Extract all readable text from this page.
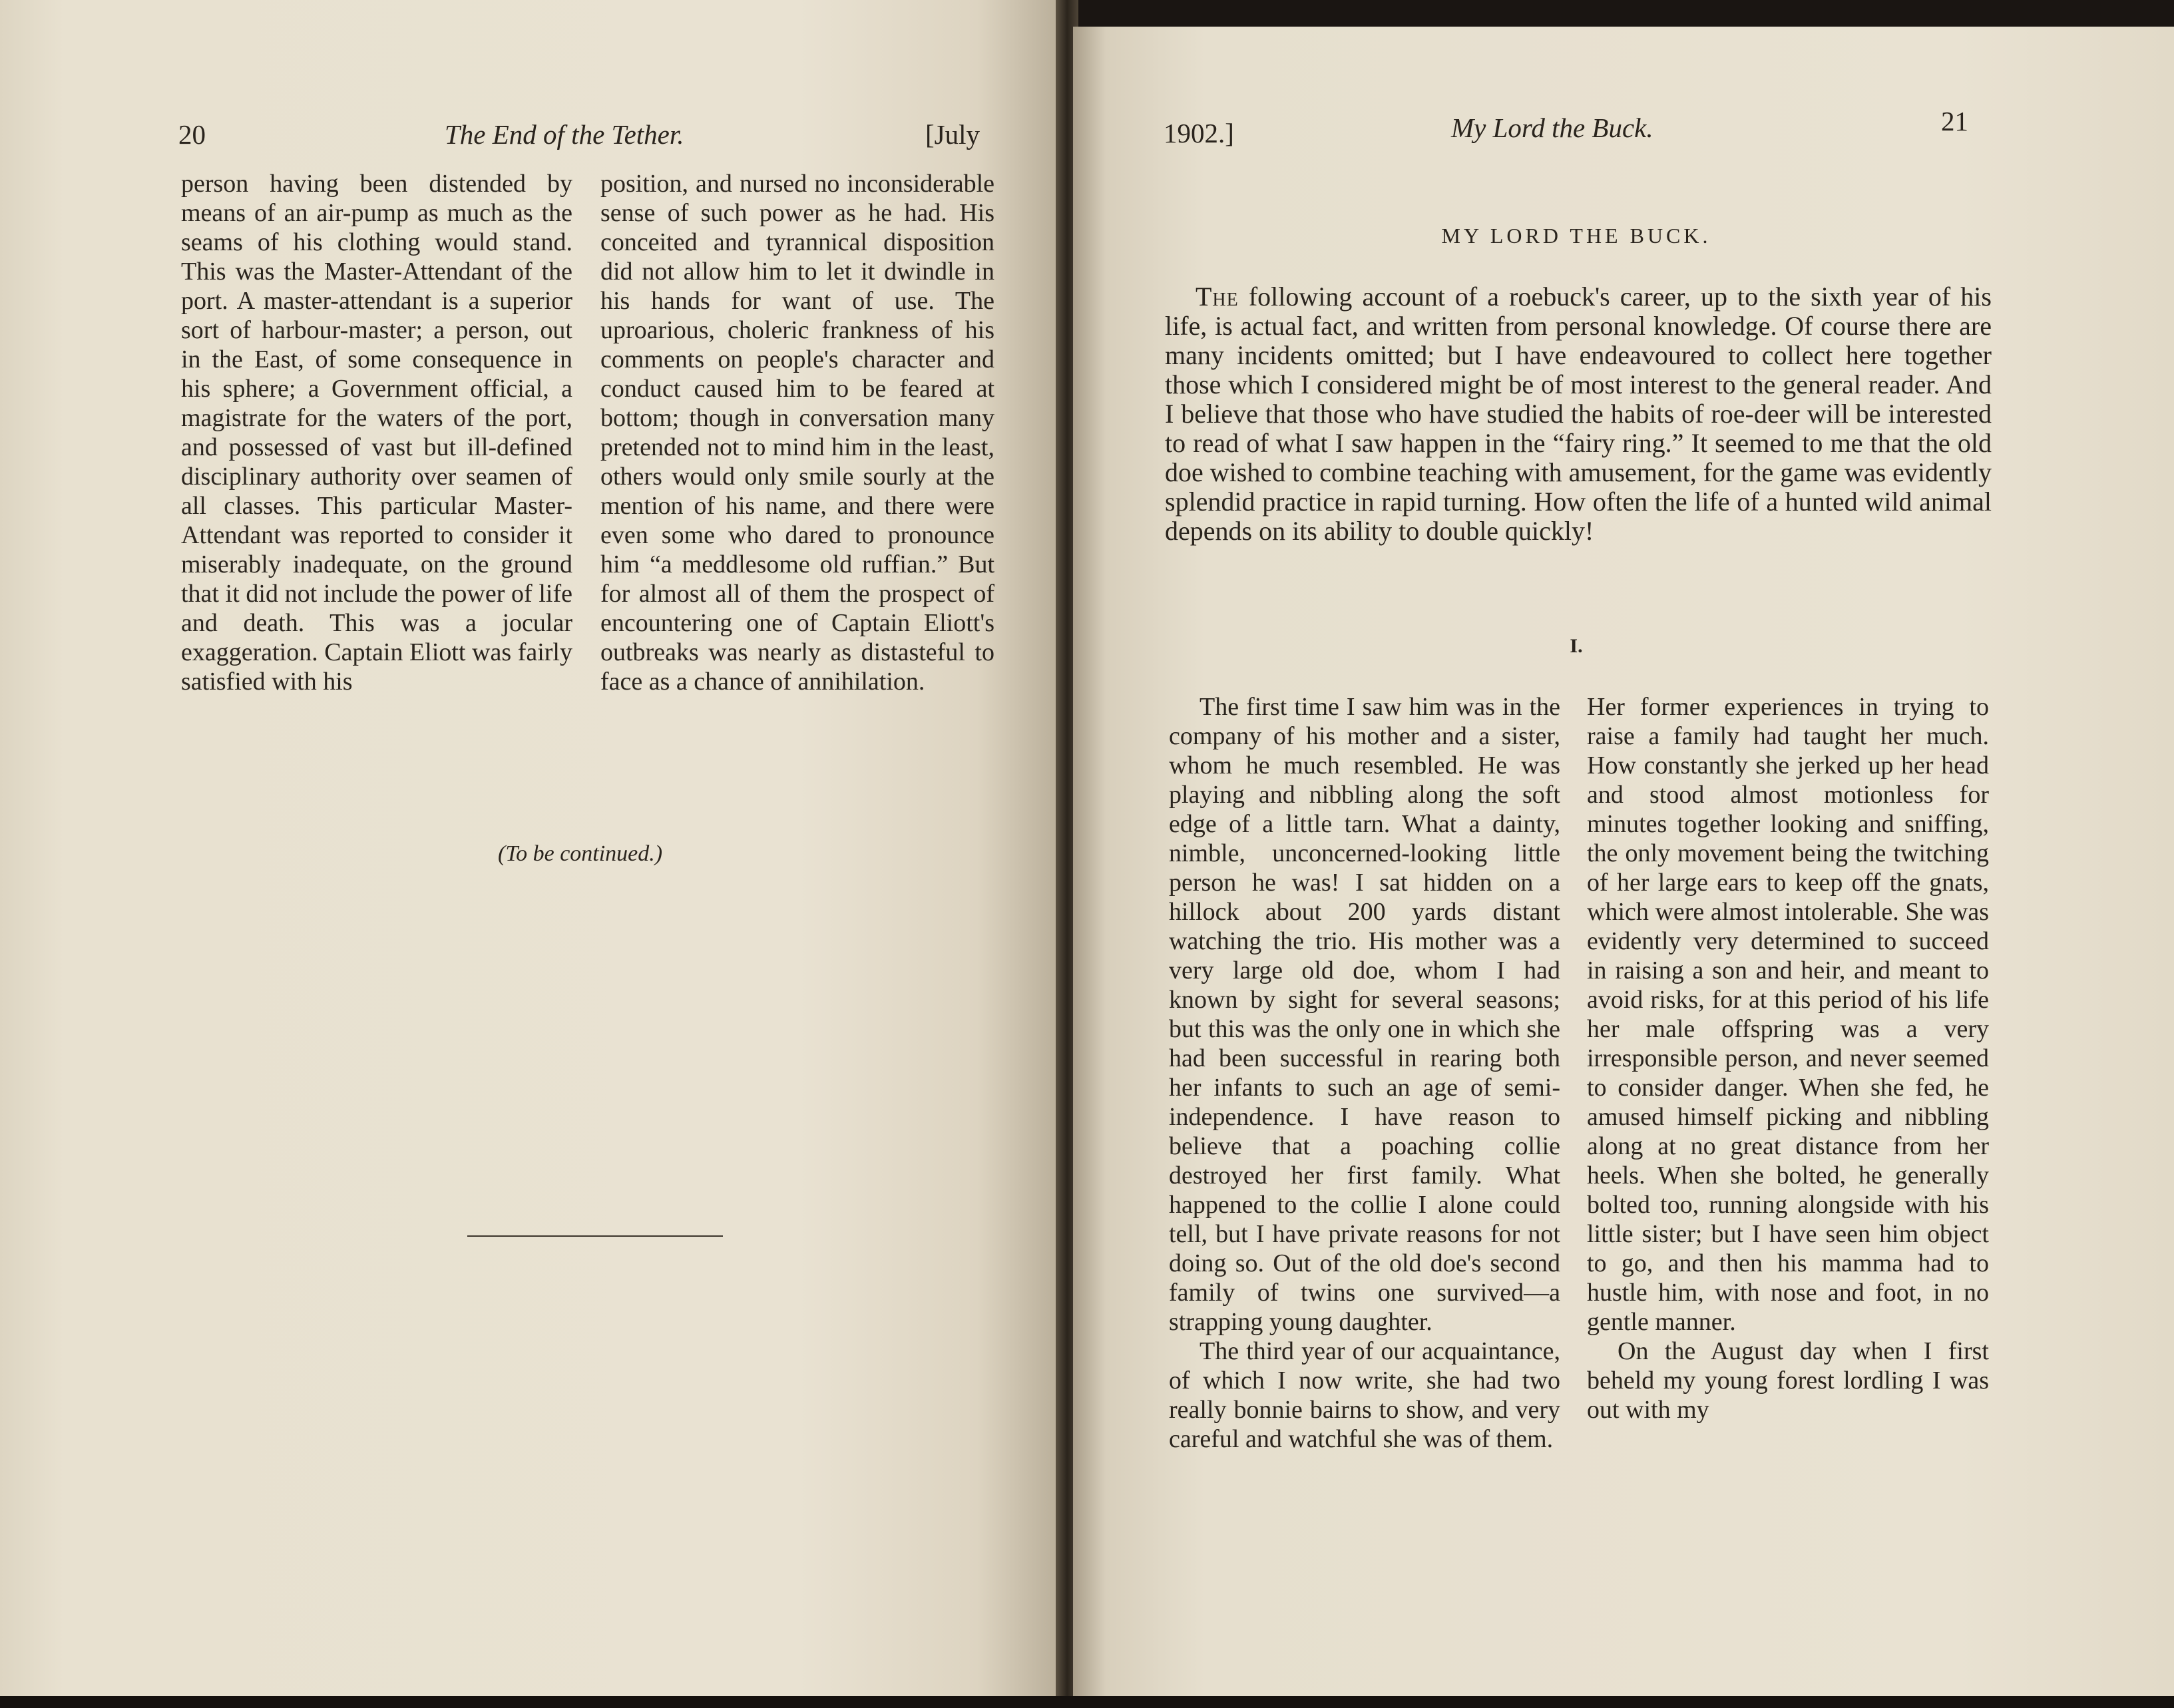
20	The End of the Tether.	[July

person having been distended by means of an air-pump as much as the seams of his clothing would stand. This was the Master-Attendant of the port. A master-attendant is a superior sort of harbour-master; a person, out in the East, of some consequence in his sphere; a Government official, a magistrate for the waters of the port, and possessed of vast but ill-defined disciplinary authority over seamen of all classes. This particular Master-Attendant was reported to consider it miserably inadequate, on the ground that it did not include the power of life and death. This was a jocular exaggeration. Captain Eliott was fairly satisfied with his

position, and nursed no inconsiderable sense of such power as he had. His conceited and tyrannical disposition did not allow him to let it dwindle in his hands for want of use. The uproarious, choleric frankness of his comments on people's character and conduct caused him to be feared at bottom; though in conversation many pretended not to mind him in the least, others would only smile sourly at the mention of his name, and there were even some who dared to pronounce him “a meddlesome old ruffian.” But for almost all of them the prospect of encountering one of Captain Eliott's outbreaks was nearly as distasteful to face as a chance of annihilation.

(To be continued.)
1902.]	My Lord the Buck.	21
MY LORD THE BUCK.

The following account of a roebuck's career, up to the sixth year of his life, is actual fact, and written from personal knowledge. Of course there are many incidents omitted; but I have endeavoured to collect here together those which I considered might be of most interest to the general reader. And I believe that those who have studied the habits of roe-deer will be interested to read of what I saw happen in the “fairy ring.” It seemed to me that the old doe wished to combine teaching with amusement, for the game was evidently splendid practice in rapid turning. How often the life of a hunted wild animal depends on its ability to double quickly!

I.

The first time I saw him was in the company of his mother and a sister, whom he much resembled. He was playing and nibbling along the soft edge of a little tarn. What a dainty, nimble, unconcerned-looking little person he was! I sat hidden on a hillock about 200 yards distant watching the trio. His mother was a very large old doe, whom I had known by sight for several seasons; but this was the only one in which she had been successful in rearing both her infants to such an age of semi-independence. I have reason to believe that a poaching collie destroyed her first family. What happened to the collie I alone could tell, but I have private reasons for not doing so. Out of the old doe's second family of twins one survived—a strapping young daughter.

The third year of our acquaintance, of which I now write, she had two really bonnie bairns to show, and very careful and watchful she was of them.

Her former experiences in trying to raise a family had taught her much. How constantly she jerked up her head and stood almost motionless for minutes together looking and sniffing, the only movement being the twitching of her large ears to keep off the gnats, which were almost intolerable. She was evidently very determined to succeed in raising a son and heir, and meant to avoid risks, for at this period of his life her male offspring was a very irresponsible person, and never seemed to consider danger. When she fed, he amused himself picking and nibbling along at no great distance from her heels. When she bolted, he generally bolted too, running alongside with his little sister; but I have seen him object to go, and then his mamma had to hustle him, with nose and foot, in no gentle manner.

On the August day when I first beheld my young forest lordling I was out with my
